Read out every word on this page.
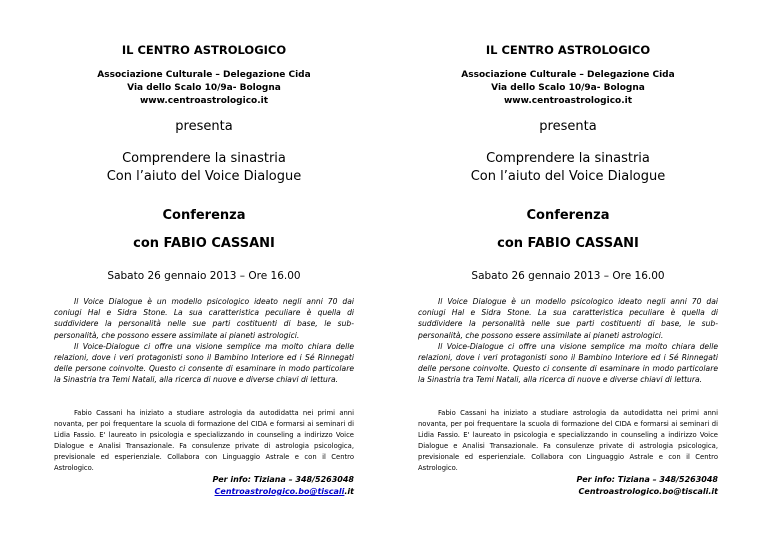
IL CENTRO ASTROLOGICO
Associazione Culturale – Delegazione Cida
Via dello Scalo 10/9a- Bologna
www.centroastrologico.it
presenta
Comprendere la sinastria
Con l’aiuto del Voice Dialogue
Conferenza
con FABIO CASSANI
Sabato 26 gennaio 2013 – Ore 16.00

Il Voice Dialogue è un modello psicologico ideato negli anni 70 dai coniugi Hal e Sidra Stone. La sua caratteristica peculiare è quella di suddividere la personalità nelle sue parti costituenti di base, le sub-personalità, che possono essere assimilate ai pianeti astrologici.

Il Voice-Dialogue ci offre una visione semplice ma molto chiara delle relazioni, dove i veri protagonisti sono il Bambino Interiore ed i Sé Rinnegati delle persone coinvolte. Questo ci consente di esaminare in modo particolare la Sinastria tra Temi Natali, alla ricerca di nuove e diverse chiavi di lettura.

Fabio Cassani ha iniziato a studiare astrologia da autodidatta nei primi anni novanta, per poi frequentare la scuola di formazione del CIDA e formarsi ai seminari di Lidia Fassio. E' laureato in psicologia e specializzando in counseling a indirizzo Voice Dialogue e Analisi Transazionale. Fa consulenze private di astrologia psicologica, previsionale ed esperienziale. Collabora con Linguaggio Astrale e con il Centro Astrologico.

Per info: Tiziana – 348/5263048
Centroastrologico.bo@tiscali.it
IL CENTRO ASTROLOGICO
Associazione Culturale – Delegazione Cida
Via dello Scalo 10/9a- Bologna
www.centroastrologico.it
presenta
Comprendere la sinastria
Con l’aiuto del Voice Dialogue
Conferenza
con FABIO CASSANI
Sabato 26 gennaio 2013 – Ore 16.00

Il Voice Dialogue è un modello psicologico ideato negli anni 70 dai coniugi Hal e Sidra Stone. La sua caratteristica peculiare è quella di suddividere la personalità nelle sue parti costituenti di base, le sub-personalità, che possono essere assimilate ai pianeti astrologici.

Il Voice-Dialogue ci offre una visione semplice ma molto chiara delle relazioni, dove i veri protagonisti sono il Bambino Interiore ed i Sé Rinnegati delle persone coinvolte. Questo ci consente di esaminare in modo particolare la Sinastria tra Temi Natali, alla ricerca di nuove e diverse chiavi di lettura.

Fabio Cassani ha iniziato a studiare astrologia da autodidatta nei primi anni novanta, per poi frequentare la scuola di formazione del CIDA e formarsi ai seminari di Lidia Fassio. E' laureato in psicologia e specializzando in counseling a indirizzo Voice Dialogue e Analisi Transazionale. Fa consulenze private di astrologia psicologica, previsionale ed esperienziale. Collabora con Linguaggio Astrale e con il Centro Astrologico.

Per info: Tiziana – 348/5263048
Centroastrologico.bo@tiscali.it
